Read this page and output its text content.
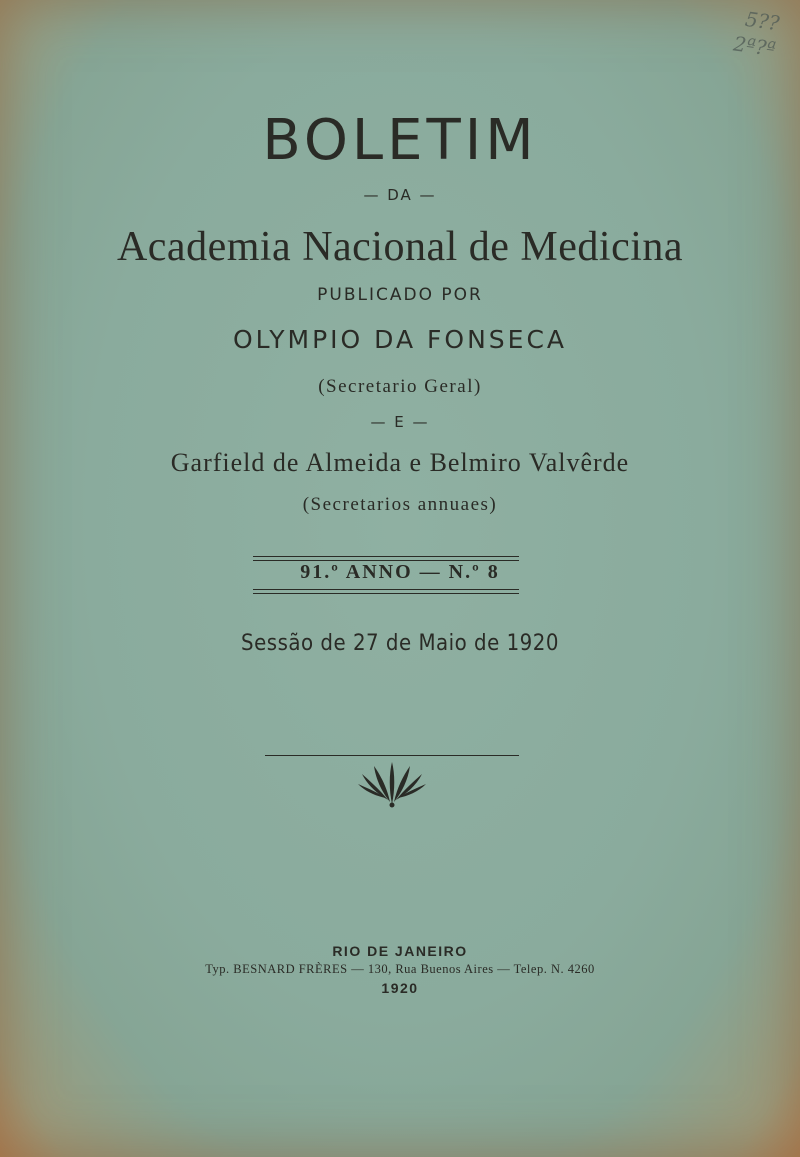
5??
2ª?ª
BOLETIM
— DA —
Academia Nacional de Medicina
PUBLICADO POR
OLYMPIO DA FONSECA
(Secretario Geral)
— E —
Garfield de Almeida e Belmiro Valvêrde
(Secretarios annuaes)
91.º ANNO — N.º 8
Sessão de 27 de Maio de 1920
RIO DE JANEIRO
Typ. BESNARD FRÈRES — 130, Rua Buenos Aires — Telep. N. 4260
1920
